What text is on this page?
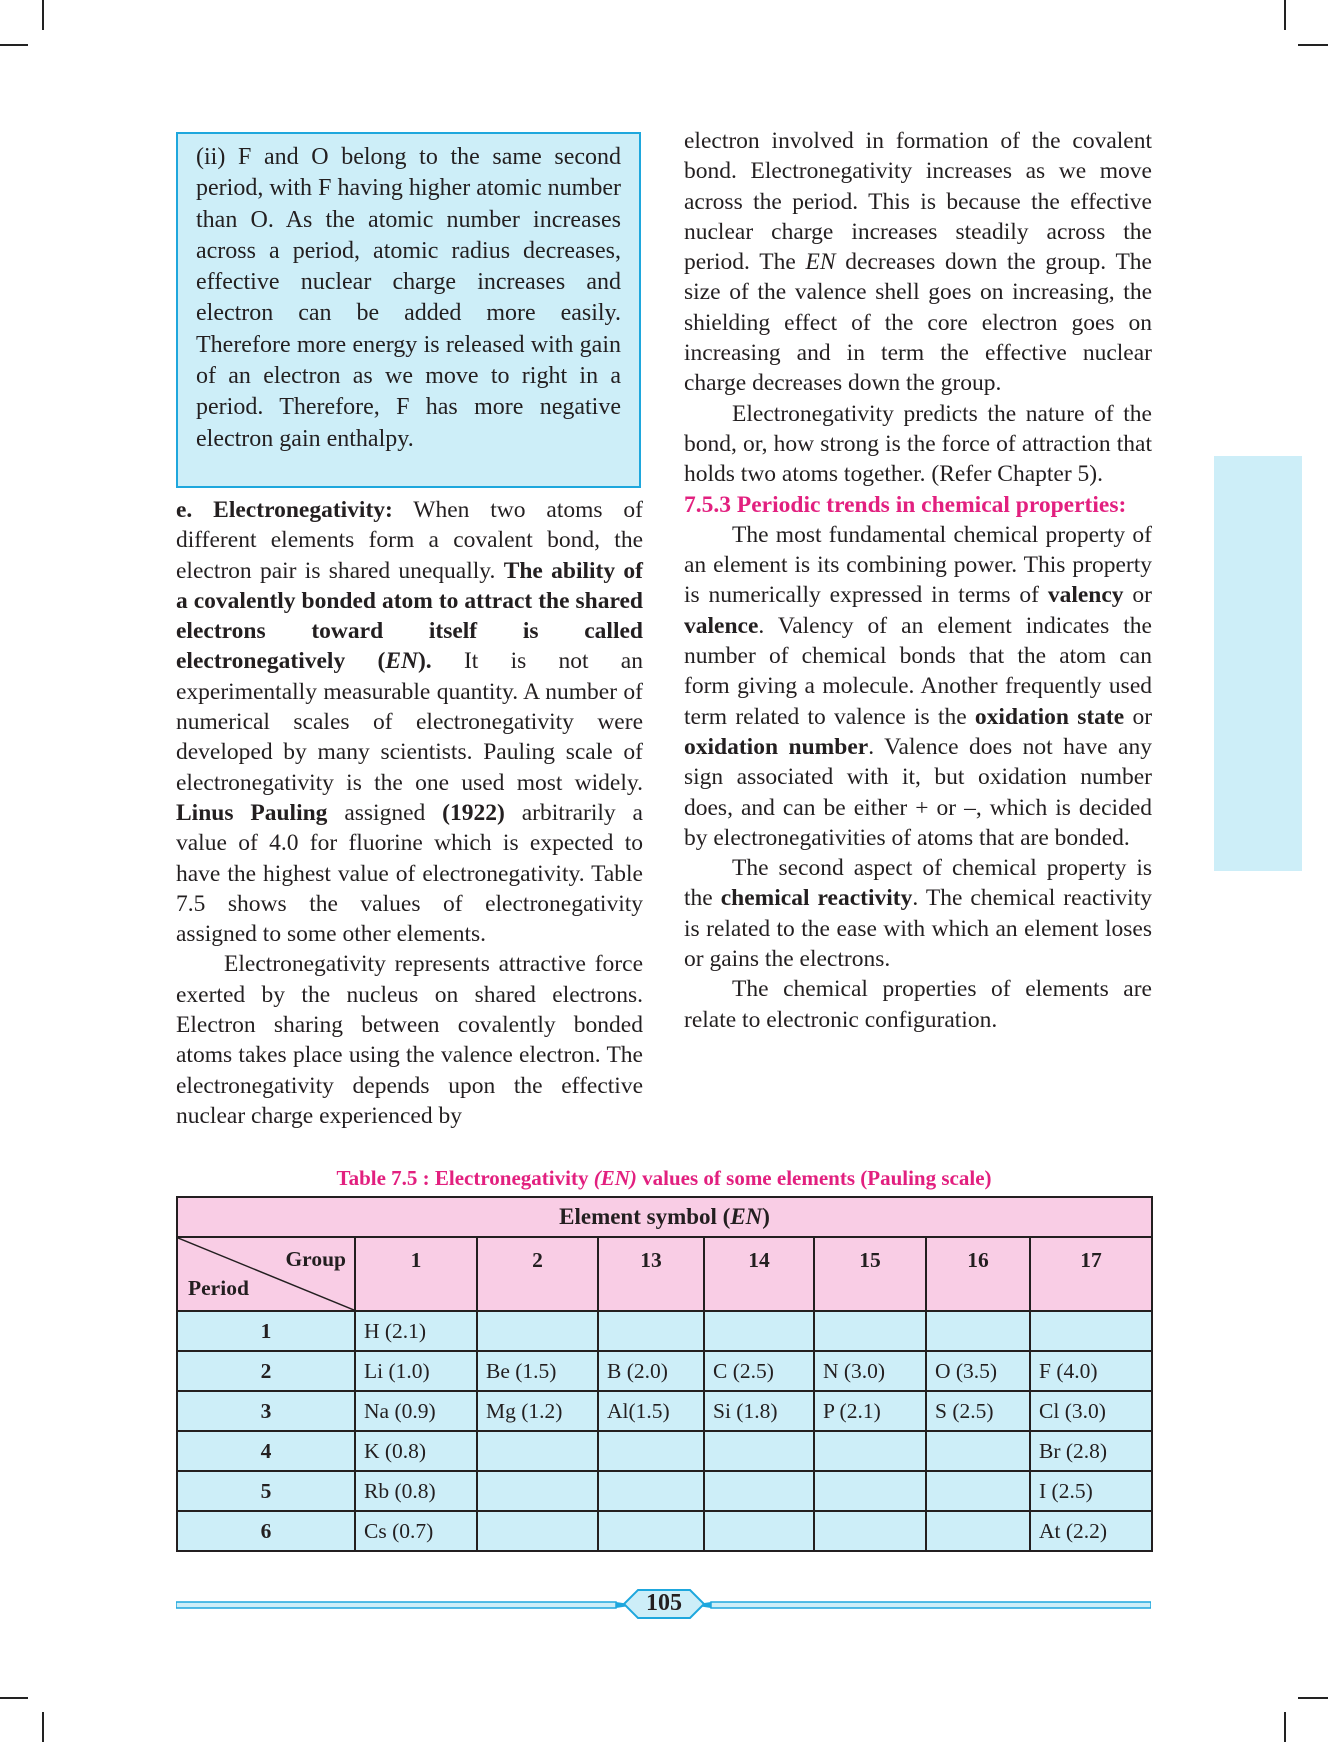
(ii) F and O belong to the same second period, with F having higher atomic number than O. As the atomic number increases across a period, atomic radius decreases, effective nuclear charge increases and electron can be added more easily. Therefore more energy is released with gain of an electron as we move to right in a period. Therefore, F has more negative electron gain enthalpy.

e. Electronegativity: When two atoms of different elements form a covalent bond, the electron pair is shared unequally. The ability of a covalently bonded atom to attract the shared electrons toward itself is called electronegatively (EN). It is not an experimentally measurable quantity. A number of numerical scales of electronegativity were developed by many scientists. Pauling scale of electronegativity is the one used most widely. Linus Pauling assigned (1922) arbitrarily a value of 4.0 for fluorine which is expected to have the highest value of electronegativity. Table 7.5 shows the values of electronegativity assigned to some other elements.

Electronegativity represents attractive force exerted by the nucleus on shared electrons. Electron sharing between covalently bonded atoms takes place using the valence electron. The electronegativity depends upon the effective nuclear charge experienced by

electron involved in formation of the covalent bond. Electronegativity increases as we move across the period. This is because the effective nuclear charge increases steadily across the period. The EN decreases down the group. The size of the valence shell goes on increasing, the shielding effect of the core electron goes on increasing and in term the effective nuclear charge decreases down the group.

Electronegativity predicts the nature of the bond, or, how strong is the force of attraction that holds two atoms together. (Refer Chapter 5).

7.5.3 Periodic trends in chemical properties:

The most fundamental chemical property of an element is its combining power. This property is numerically expressed in terms of valency or valence. Valency of an element indicates the number of chemical bonds that the atom can form giving a molecule. Another frequently used term related to valence is the oxidation state or oxidation number. Valence does not have any sign associated with it, but oxidation number does, and can be either + or –, which is decided by electronegativities of atoms that are bonded.

The second aspect of chemical property is the chemical reactivity. The chemical reactivity is related to the ease with which an element loses or gains the electrons.

The chemical properties of elements are relate to electronic configuration.

Table 7.5 : Electronegativity (EN) values of some elements (Pauling scale)
Element symbol (EN)							

Group
Period	1	2	13	14	15	16	17
1	H (2.1)						
2	Li (1.0)	Be (1.5)	B (2.0)	C (2.5)	N (3.0)	O (3.5)	F (4.0)
3	Na (0.9)	Mg (1.2)	Al(1.5)	Si (1.8)	P (2.1)	S (2.5)	Cl (3.0)
4	K (0.8)						Br (2.8)
5	Rb (0.8)						I (2.5)
6	Cs (0.7)						At (2.2)
105
